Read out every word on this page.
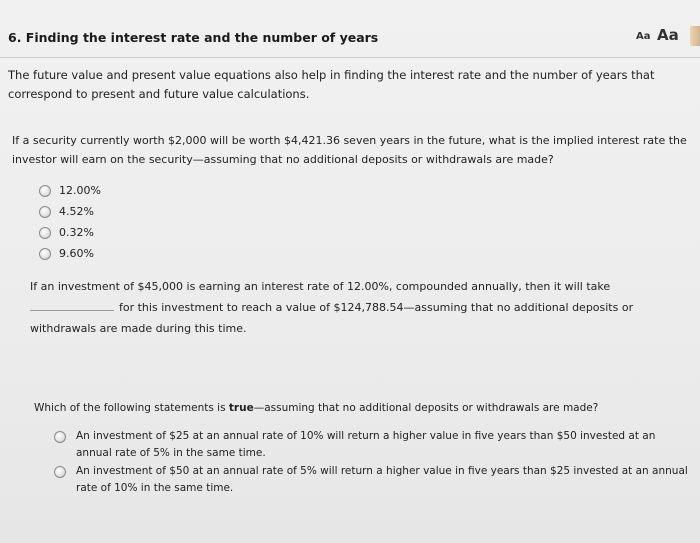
6. Finding the interest rate and the number of years	Aa Aa
The future value and present value equations also help in finding the interest rate and the number of years that correspond to present and future value calculations.
If a security currently worth $2,000 will be worth $4,421.36 seven years in the future, what is the implied interest rate the investor will earn on the security—assuming that no additional deposits or withdrawals are made?
12.00%
4.52%
0.32%
9.60%
If an investment of $45,000 is earning an interest rate of 12.00%, compounded annually, then it will take
for this investment to reach a value of $124,788.54—assuming that no additional deposits or withdrawals are made during this time.
Which of the following statements is true—assuming that no additional deposits or withdrawals are made?
An investment of $25 at an annual rate of 10% will return a higher value in five years than $50 invested at an annual rate of 5% in the same time.
An investment of $50 at an annual rate of 5% will return a higher value in five years than $25 invested at an annual rate of 10% in the same time.
